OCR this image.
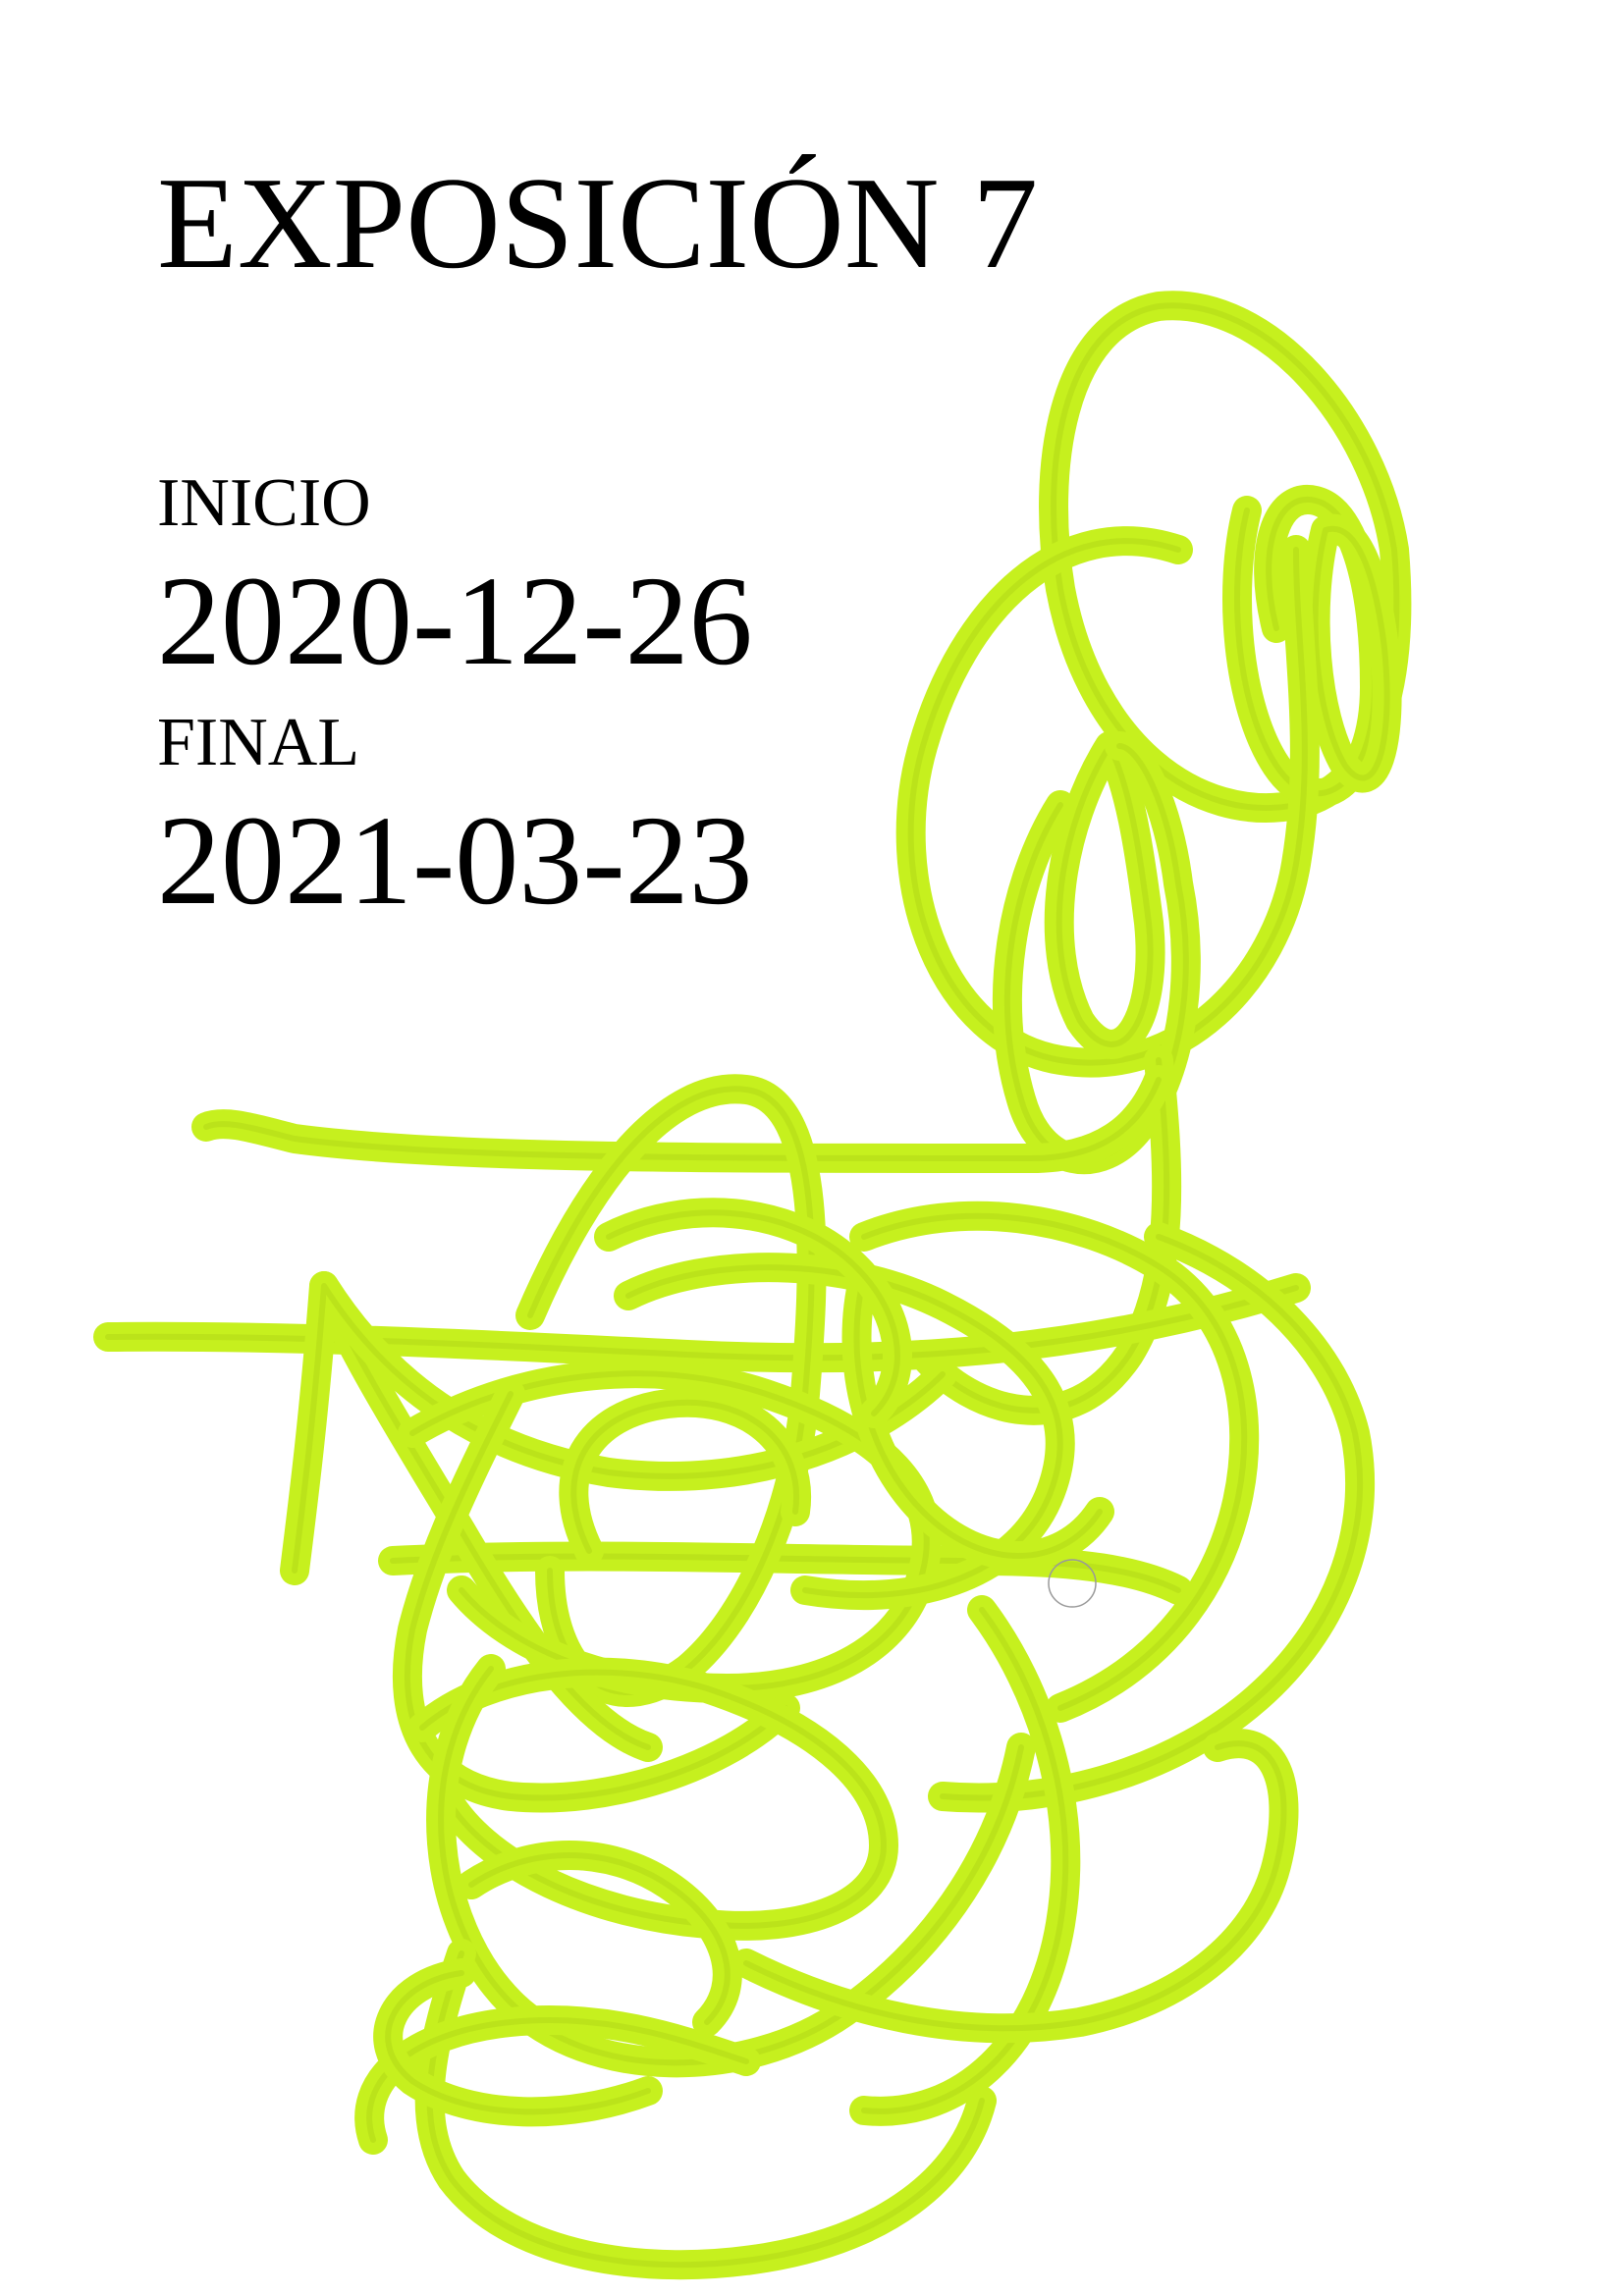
EXPOSICIÓN 7
INICIO
2020-12-26
FINAL
2021-03-23
